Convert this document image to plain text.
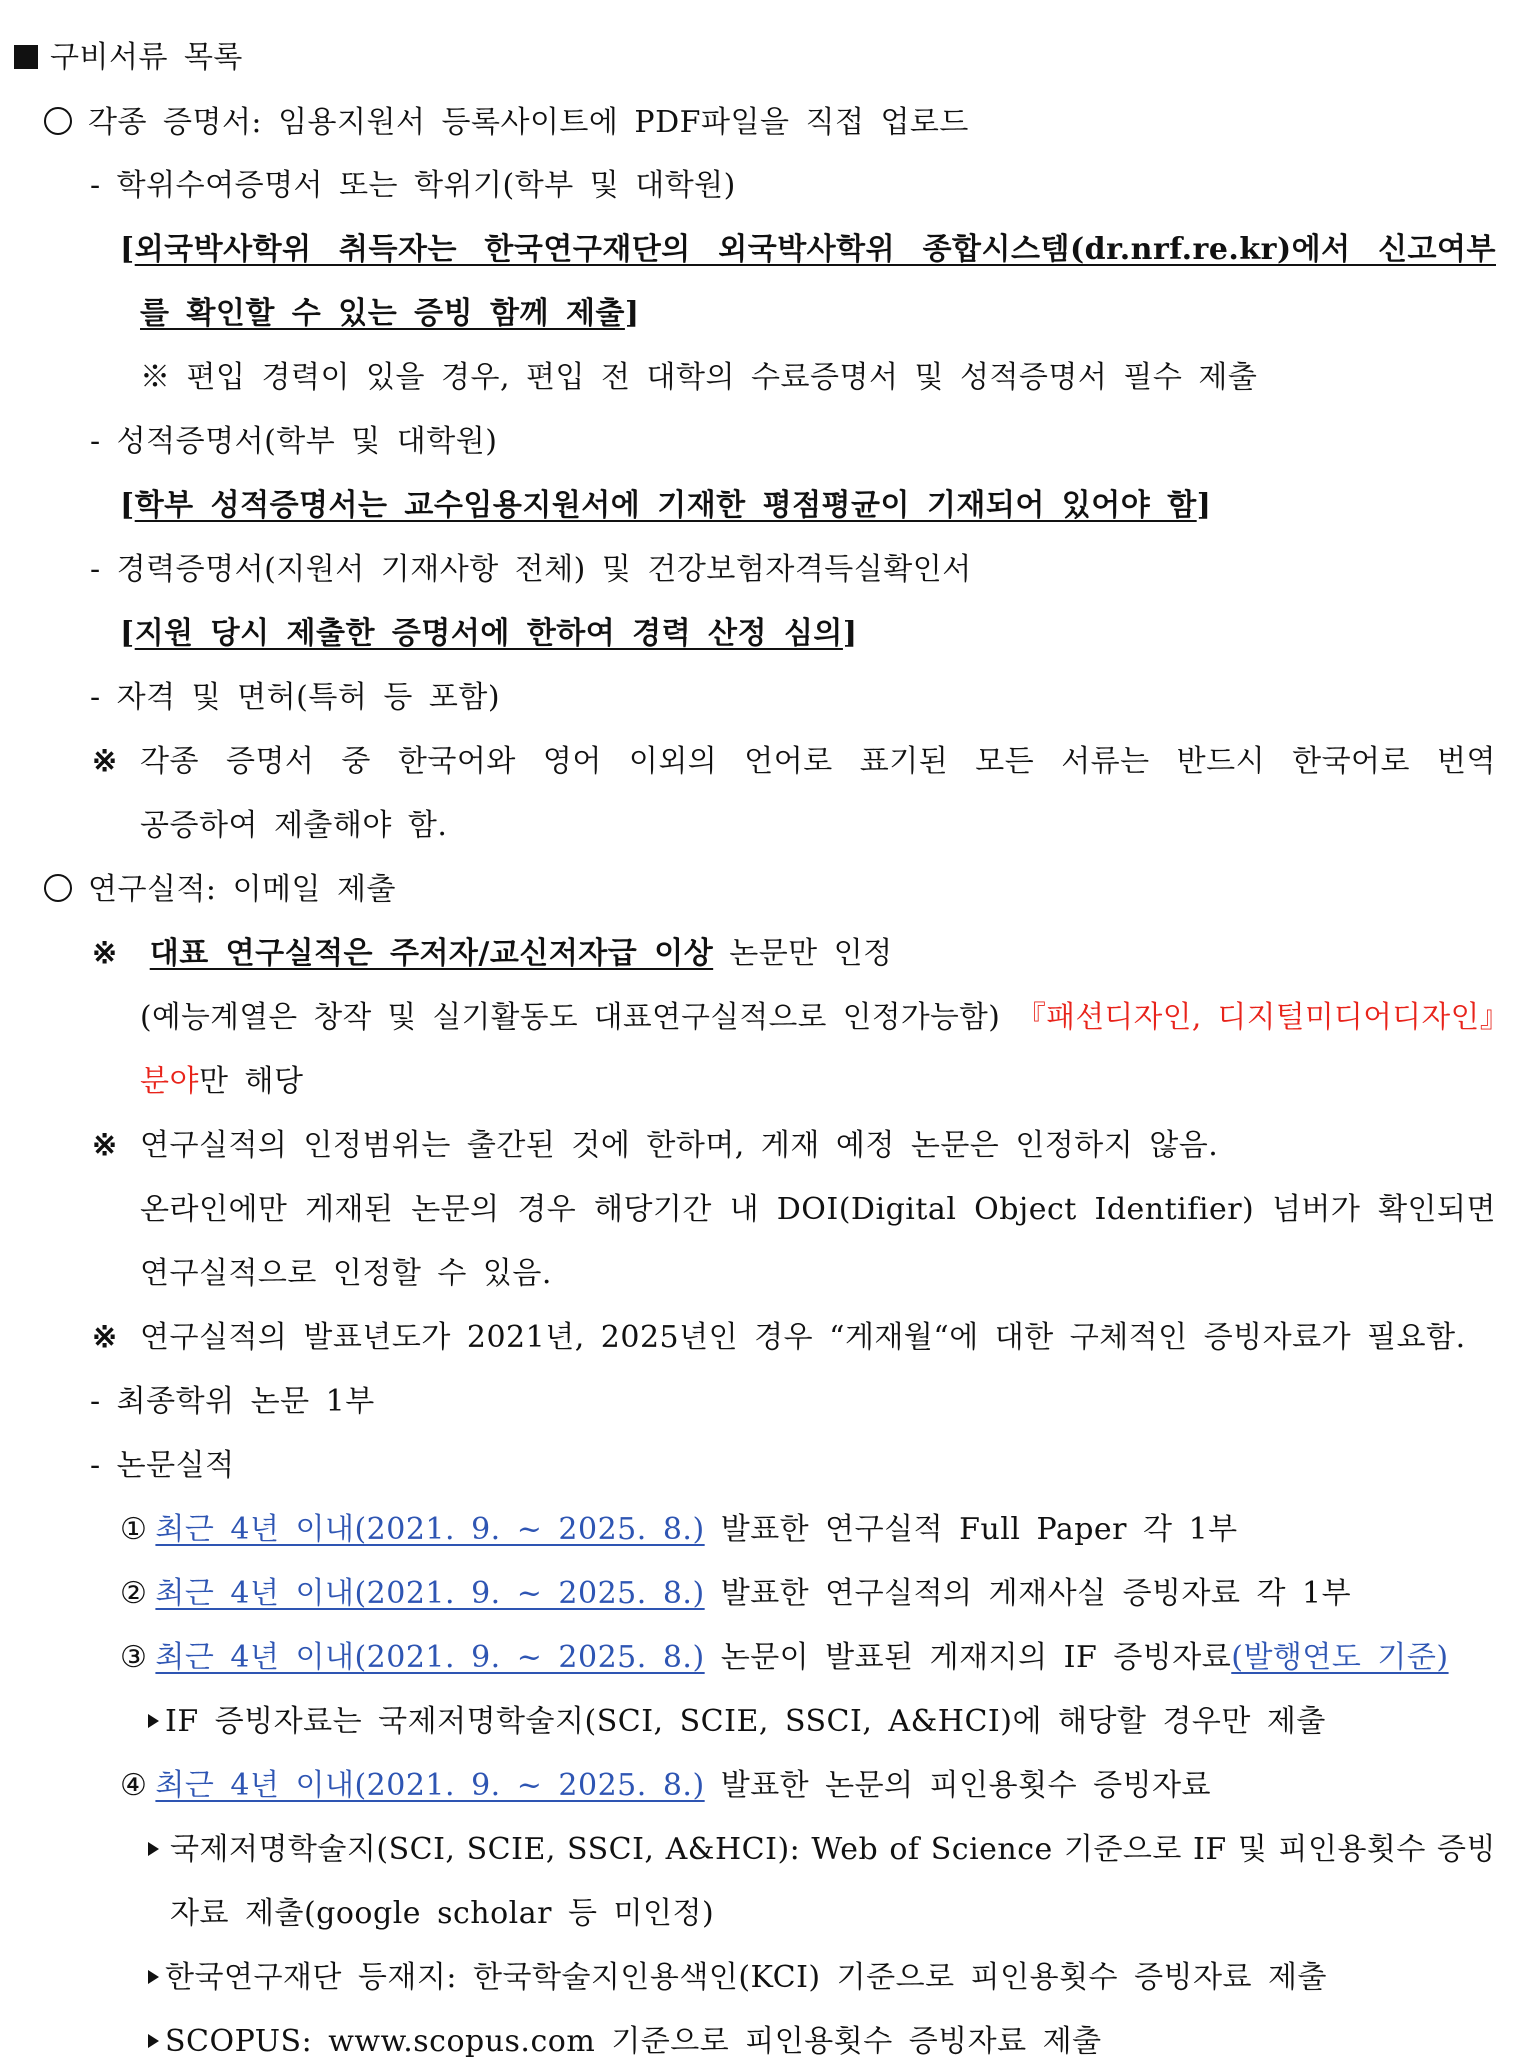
구비서류 목록
각종 증명서: 임용지원서 등록사이트에 PDF파일을 직접 업로드
- 학위수여증명서 또는 학위기(학부 및 대학원)
[외국박사학위 취득자는 한국연구재단의 외국박사학위 종합시스템(dr.nrf.re.kr)에서 신고여부
를 확인할 수 있는 증빙 함께 제출]
※ 편입 경력이 있을 경우, 편입 전 대학의 수료증명서 및 성적증명서 필수 제출
- 성적증명서(학부 및 대학원)
[학부 성적증명서는 교수임용지원서에 기재한 평점평균이 기재되어 있어야 함]
- 경력증명서(지원서 기재사항 전체) 및 건강보험자격득실확인서
[지원 당시 제출한 증명서에 한하여 경력 산정 심의]
- 자격 및 면허(특허 등 포함)
※ 각종 증명서 중 한국어와 영어 이외의 언어로 표기된 모든 서류는 반드시 한국어로 번역
공증하여 제출해야 함.
연구실적: 이메일 제출
※ 대표 연구실적은 주저자/교신저자급 이상 논문만 인정
(예능계열은 창작 및 실기활동도 대표연구실적으로 인정가능함) 『패션디자인, 디지털미디어디자인』
분야만 해당
※ 연구실적의 인정범위는 출간된 것에 한하며, 게재 예정 논문은 인정하지 않음.
온라인에만 게재된 논문의 경우 해당기간 내 DOI(Digital Object Identifier) 넘버가 확인되면
연구실적으로 인정할 수 있음.
※ 연구실적의 발표년도가 2021년, 2025년인 경우 “게재월“에 대한 구체적인 증빙자료가 필요함.
- 최종학위 논문 1부
- 논문실적
① 최근 4년 이내(2021. 9. ~ 2025. 8.) 발표한 연구실적 Full Paper 각 1부
② 최근 4년 이내(2021. 9. ~ 2025. 8.) 발표한 연구실적의 게재사실 증빙자료 각 1부
③ 최근 4년 이내(2021. 9. ~ 2025. 8.) 논문이 발표된 게재지의 IF 증빙자료(발행연도 기준)
IF 증빙자료는 국제저명학술지(SCI, SCIE, SSCI, A&HCI)에 해당할 경우만 제출
④ 최근 4년 이내(2021. 9. ~ 2025. 8.) 발표한 논문의 피인용횟수 증빙자료
국제저명학술지(SCI, SCIE, SSCI, A&HCI): Web of Science 기준으로 IF 및 피인용횟수 증빙
자료 제출(google scholar 등 미인정)
한국연구재단 등재지: 한국학술지인용색인(KCI) 기준으로 피인용횟수 증빙자료 제출
SCOPUS: www.scopus.com 기준으로 피인용횟수 증빙자료 제출
